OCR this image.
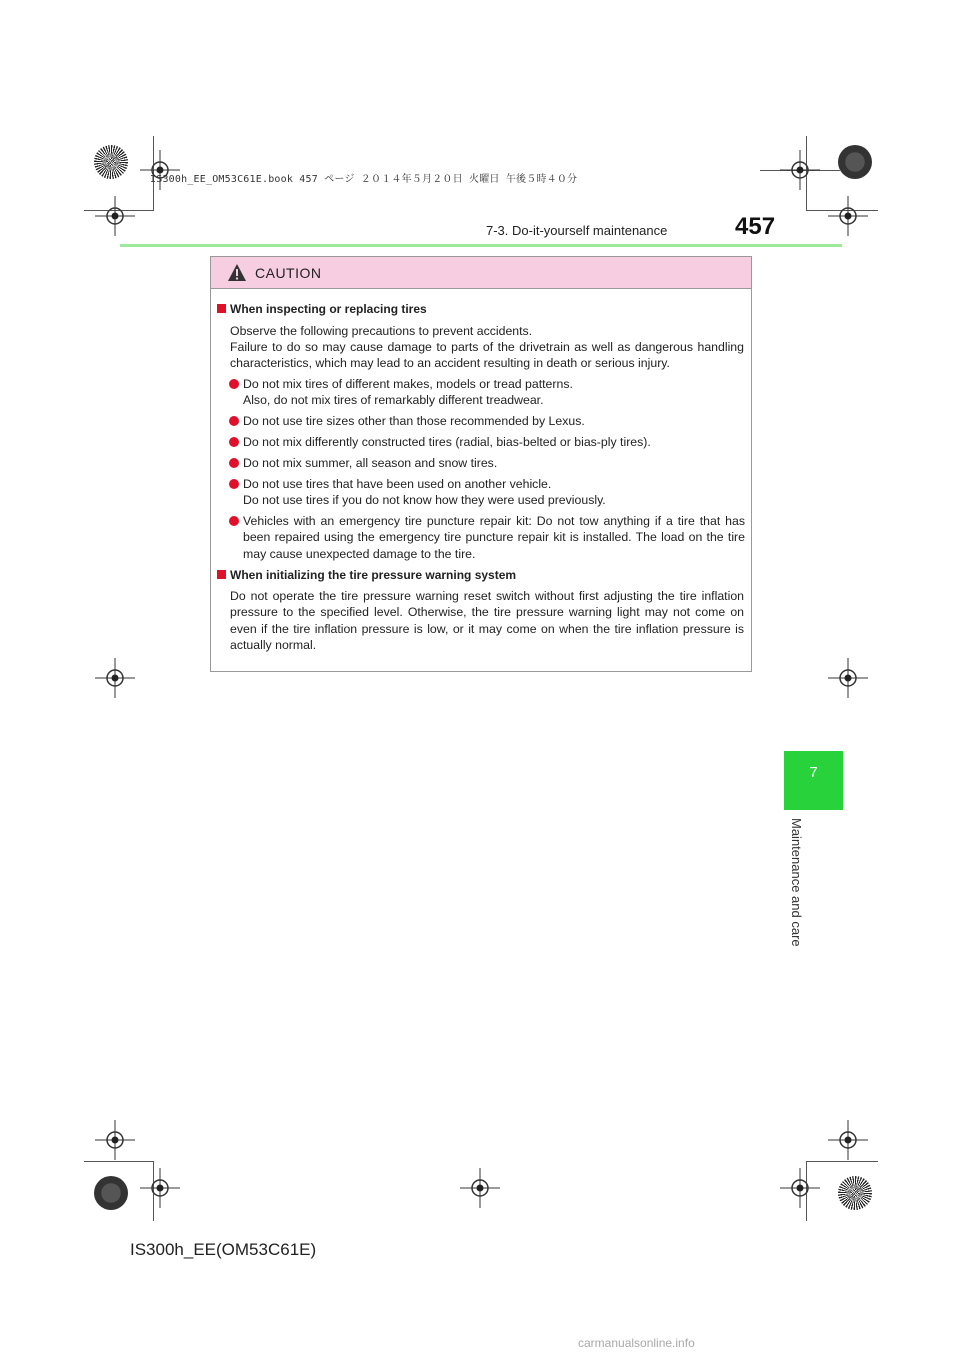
IS300h_EE_OM53C61E.book 457 ページ ２０１４年５月２０日 火曜日 午後５時４０分
7-3. Do-it-yourself maintenance	457
7
Maintenance and care
CAUTION
When inspecting or replacing tires
Observe the following precautions to prevent accidents.
Failure to do so may cause damage to parts of the drivetrain as well as dangerous handling characteristics, which may lead to an accident resulting in death or serious injury.
Do not mix tires of different makes, models or tread patterns.
Also, do not mix tires of remarkably different treadwear.
Do not use tire sizes other than those recommended by Lexus.
Do not mix differently constructed tires (radial, bias-belted or bias-ply tires).
Do not mix summer, all season and snow tires.
Do not use tires that have been used on another vehicle.
Do not use tires if you do not know how they were used previously.
Vehicles with an emergency tire puncture repair kit: Do not tow anything if a tire that has been repaired using the emergency tire puncture repair kit is installed. The load on the tire may cause unexpected damage to the tire.
When initializing the tire pressure warning system
Do not operate the tire pressure warning reset switch without first adjusting the tire inflation pressure to the specified level. Otherwise, the tire pressure warning light may not come on even if the tire inflation pressure is low, or it may come on when the tire inflation pressure is actually normal.
IS300h_EE(OM53C61E)
carmanualsonline.info
